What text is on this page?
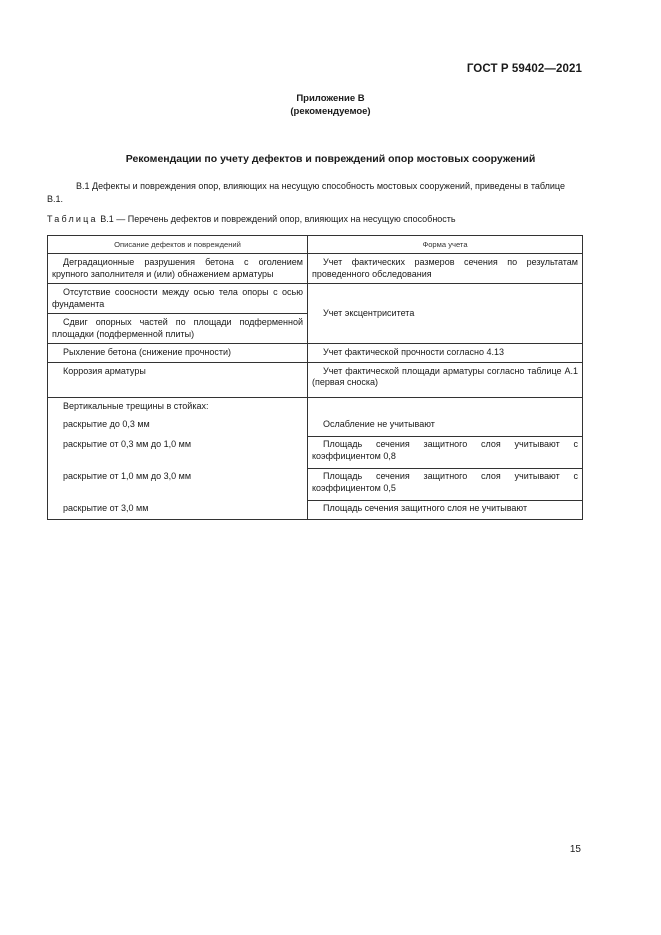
ГОСТ Р 59402—2021
Приложение В
(рекомендуемое)
Рекомендации по учету дефектов и повреждений опор мостовых сооружений
В.1 Дефекты и повреждения опор, влияющих на несущую способность мостовых сооружений, приведены в таблице В.1.
Таблица В.1 — Перечень дефектов и повреждений опор, влияющих на несущую способность
Описание дефектов и повреждений	Форма учета
Деградационные разрушения бетона с оголением крупного заполнителя и (или) обнажением арматуры	Учет фактических размеров сечения по результатам проведенного обследования
Отсутствие соосности между осью тела опоры с осью фундамента	Учет эксцентриситета
Сдвиг опорных частей по площади подферменной площадки (подферменной плиты)	
Рыхление бетона (снижение прочности)	Учет фактической прочности согласно 4.13
Коррозия арматуры	Учет фактической площади арматуры согласно таблице А.1 (первая сноска)
Вертикальные трещины в стойках:	
раскрытие до 0,3 мм	Ослабление не учитывают
раскрытие от 0,3 мм до 1,0 мм	Площадь сечения защитного слоя учитывают с коэффициентом 0,8
раскрытие от 1,0 мм до 3,0 мм	Площадь сечения защитного слоя учитывают с коэффициентом 0,5
раскрытие от 3,0 мм	Площадь сечения защитного слоя не учитывают
15
